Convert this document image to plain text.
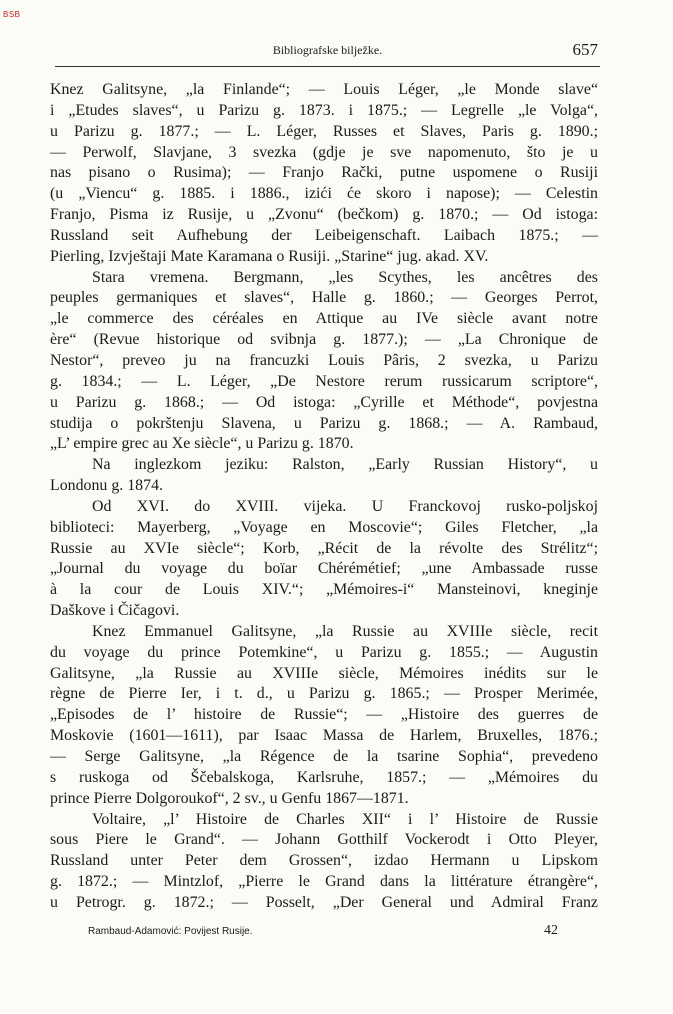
BSB
Bibliografske bilježke.	657
Knez Galitsyne, „la Finlande“; — Louis Léger, „le Monde slave“
i „Etudes slaves“, u Parizu g. 1873. i 1875.; — Legrelle „le Volga“,
u Parizu g. 1877.; — L. Léger, Russes et Slaves, Paris g. 1890.;
— Perwolf, Slavjane, 3 svezka (gdje je sve napomenuto, što je u
nas pisano o Rusima); — Franjo Rački, putne uspomene o Rusiji
(u „Viencu“ g. 1885. i 1886., izići će skoro i napose); — Celestin
Franjo, Pisma iz Rusije, u „Zvonu“ (bečkom) g. 1870.; — Od istoga:
Russland seit Aufhebung der Leibeigenschaft. Laibach 1875.; —
Pierling, Izvještaji Mate Karamana o Rusiji. „Starine“ jug. akad. XV.
Stara vremena. Bergmann, „les Scythes, les ancêtres des
peuples germaniques et slaves“, Halle g. 1860.; — Georges Perrot,
„le commerce des céréales en Attique au IVe siècle avant notre
ère“ (Revue historique od svibnja g. 1877.); — „La Chronique de
Nestor“, preveo ju na francuzki Louis Pâris, 2 svezka, u Parizu
g. 1834.; — L. Léger, „De Nestore rerum russicarum scriptore“,
u Parizu g. 1868.; — Od istoga: „Cyrille et Méthode“, povjestna
studija o pokrštenju Slavena, u Parizu g. 1868.; — A. Rambaud,
„L’ empire grec au Xe siècle“, u Parizu g. 1870.
Na inglezkom jeziku: Ralston, „Early Russian History“, u
Londonu g. 1874.
Od XVI. do XVIII. vijeka. U Franckovoj rusko-poljskoj
biblioteci: Mayerberg, „Voyage en Moscovie“; Giles Fletcher, „la
Russie au XVIe siècle“; Korb, „Récit de la révolte des Strélitz“;
„Journal du voyage du boïar Chérémétief; „une Ambassade russe
à la cour de Louis XIV.“; „Mémoires-i“ Mansteinovi, kneginje
Daškove i Čičagovi.
Knez Emmanuel Galitsyne, „la Russie au XVIIIe siècle, recit
du voyage du prince Potemkine“, u Parizu g. 1855.; — Augustin
Galitsyne, „la Russie au XVIIIe siècle, Mémoires inédits sur le
règne de Pierre Ier, i t. d., u Parizu g. 1865.; — Prosper Merimée,
„Episodes de l’ histoire de Russie“; — „Histoire des guerres de
Moskovie (1601—1611), par Isaac Massa de Harlem, Bruxelles, 1876.;
— Serge Galitsyne, „la Régence de la tsarine Sophia“, prevedeno
s ruskoga od Ščebalskoga, Karlsruhe, 1857.; — „Mémoires du
prince Pierre Dolgoroukof“, 2 sv., u Genfu 1867—1871.
Voltaire, „l’ Histoire de Charles XII“ i l’ Histoire de Russie
sous Piere le Grand“. — Johann Gotthilf Vockerodt i Otto Pleyer,
Russland unter Peter dem Grossen“, izdao Hermann u Lipskom
g. 1872.; — Mintzlof, „Pierre le Grand dans la littérature étrangère“,
u Petrogr. g. 1872.; — Posselt, „Der General und Admiral Franz
Rambaud-Adamović: Povijest Rusije.	42
